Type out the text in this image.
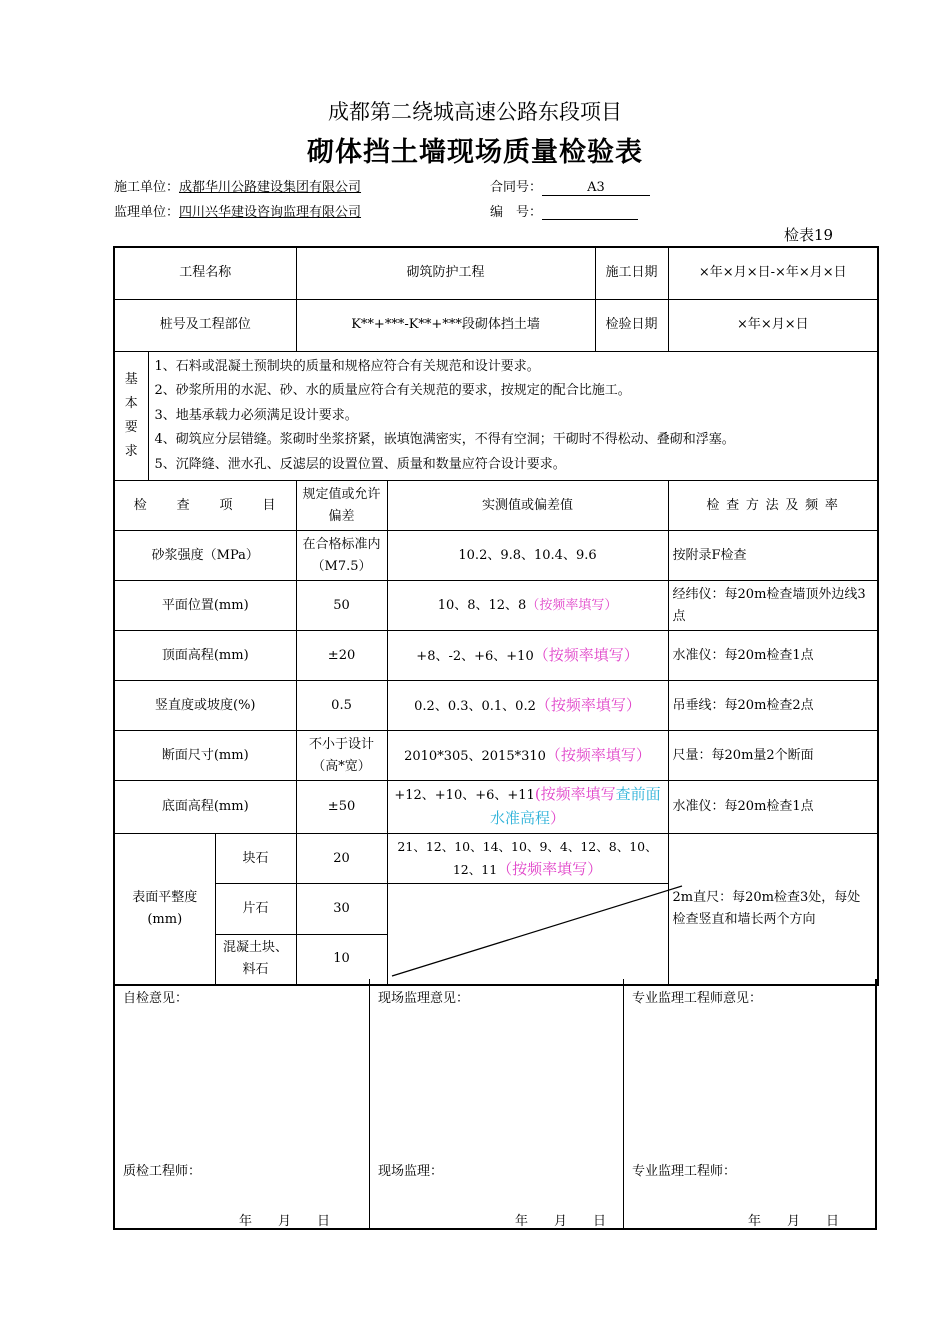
成都第二绕城高速公路东段项目
砌体挡土墙现场质量检验表
施工单位：成都华川公路建设集团有限公司	合同号：	A3
监理单位：四川兴华建设咨询监理有限公司	编　号：
检表19
工程名称			砌筑防护工程		施工日期	×年×月×日-×年×月×日
桩号及工程部位			K**+***-K**+***段砌体挡土墙		检验日期	×年×月×日
基本要求	1、石料或混凝土预制块的质量和规格应符合有关规范和设计要求。
2、砂浆所用的水泥、砂、水的质量应符合有关规范的要求，按规定的配合比施工。
3、地基承载力必须满足设计要求。
4、砌筑应分层错缝。浆砌时坐浆挤紧，嵌填饱满密实，不得有空洞；干砌时不得松动、叠砌和浮塞。
5、沉降缝、泄水孔、反滤层的设置位置、质量和数量应符合设计要求。					

检　　查　　项　　目			规定值或允许偏差	实测值或偏差值		检 查 方 法 及 频 率
砂浆强度（MPa）			在合格标准内（M7.5）	10.2、9.8、10.4、9.6		按附录F检查
平面位置(mm)			50	10、8、12、8（按频率填写）		经纬仪：每20m检查墙顶外边线3点
顶面高程(mm)			±20	+8、-2、+6、+10（按频率填写）		水准仪：每20m检查1点
竖直度或坡度(%)			0.5	0.2、0.3、0.1、0.2（按频率填写）		吊垂线：每20m检查2点
断面尺寸(mm)			不小于设计（高*宽）	2010*305、2015*310（按频率填写）		尺量：每20m量2个断面
底面高程(mm)			±50	+12、+10、+6、+11(按频率填写查前面水准高程）		水准仪：每20m检查1点
表面平整度(mm)		块石	20	21、12、10、14、10、9、4、12、8、10、12、11（按频率填写）		2m直尺：每20m检查3处，每处检查竖直和墙长两个方向
		片石	30	

		混凝土块、料石	10			
自检意见：
质检工程师：
年　　月　　日
现场监理意见：
现场监理：
年　　月　　日
专业监理工程师意见：
专业监理工程师：
年　　月　　日
